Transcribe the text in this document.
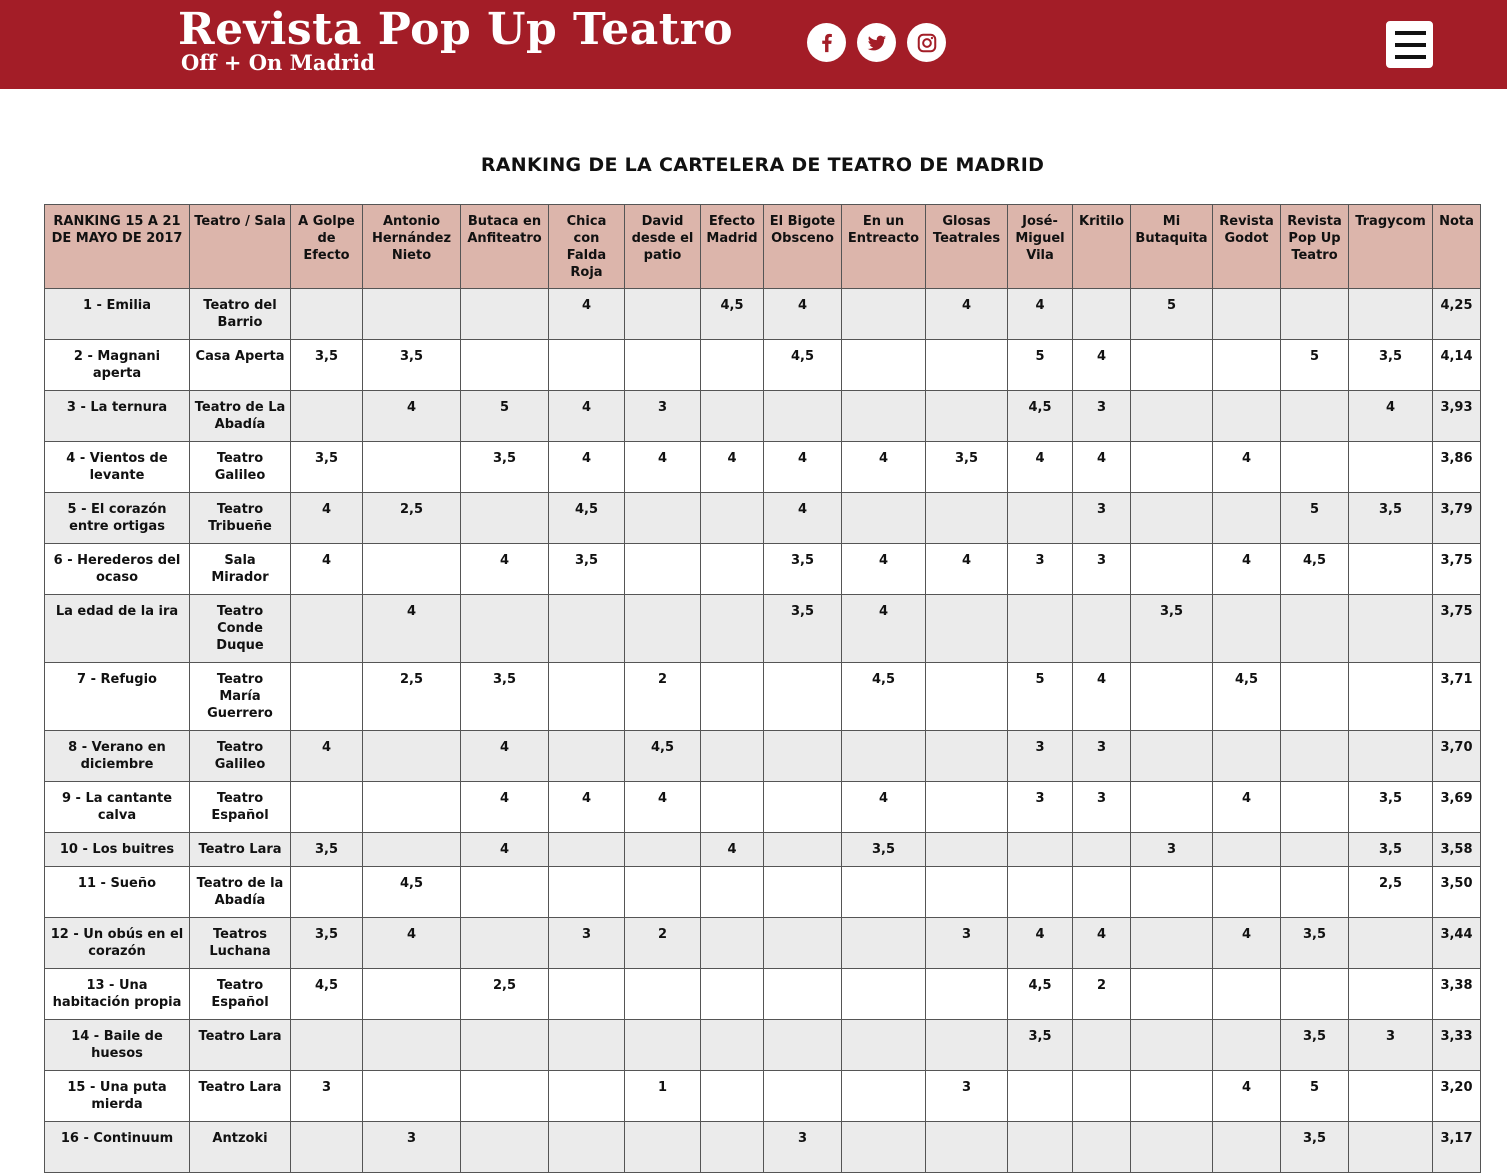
Revista Pop Up Teatro
Off + On Madrid
RANKING DE LA CARTELERA DE TEATRO DE MADRID
RANKING 15 A 21 DE MAYO DE 2017	Teatro / Sala	A Golpe de Efecto	Antonio Hernández Nieto	Butaca en Anfiteatro	Chica con Falda Roja	David desde el patio	Efecto Madrid	El Bigote Obsceno	En un Entreacto	Glosas Teatrales	José-Miguel Vila	Kritilo	Mi Butaquita	Revista Godot	Revista Pop Up Teatro	Tragycom	Nota
1 - Emilia	Teatro del Barrio				4		4,5	4		4	4		5				4,25
2 - Magnani aperta	Casa Aperta	3,5	3,5					4,5			5	4			5	3,5	4,14
3 - La ternura	Teatro de La Abadía		4	5	4	3					4,5	3				4	3,93
4 - Vientos de levante	Teatro Galileo	3,5		3,5	4	4	4	4	4	3,5	4	4		4			3,86
5 - El corazón entre ortigas	Teatro Tribueñe	4	2,5		4,5			4				3			5	3,5	3,79
6 - Herederos del ocaso	Sala Mirador	4		4	3,5			3,5	4	4	3	3		4	4,5		3,75
La edad de la ira	Teatro Conde Duque		4					3,5	4				3,5				3,75
7 - Refugio	Teatro María Guerrero		2,5	3,5		2			4,5		5	4		4,5			3,71
8 - Verano en diciembre	Teatro Galileo	4		4		4,5					3	3					3,70
9 - La cantante calva	Teatro Español			4	4	4			4		3	3		4		3,5	3,69
10 - Los buitres	Teatro Lara	3,5		4			4		3,5				3			3,5	3,58
11 - Sueño	Teatro de la Abadía		4,5													2,5	3,50
12 - Un obús en el corazón	Teatros Luchana	3,5	4		3	2				3	4	4		4	3,5		3,44
13 - Una habitación propia	Teatro Español	4,5		2,5							4,5	2					3,38
14 - Baile de huesos	Teatro Lara										3,5				3,5	3	3,33
15 - Una puta mierda	Teatro Lara	3				1				3				4	5		3,20
16 - Continuum	Antzoki		3					3							3,5		3,17
